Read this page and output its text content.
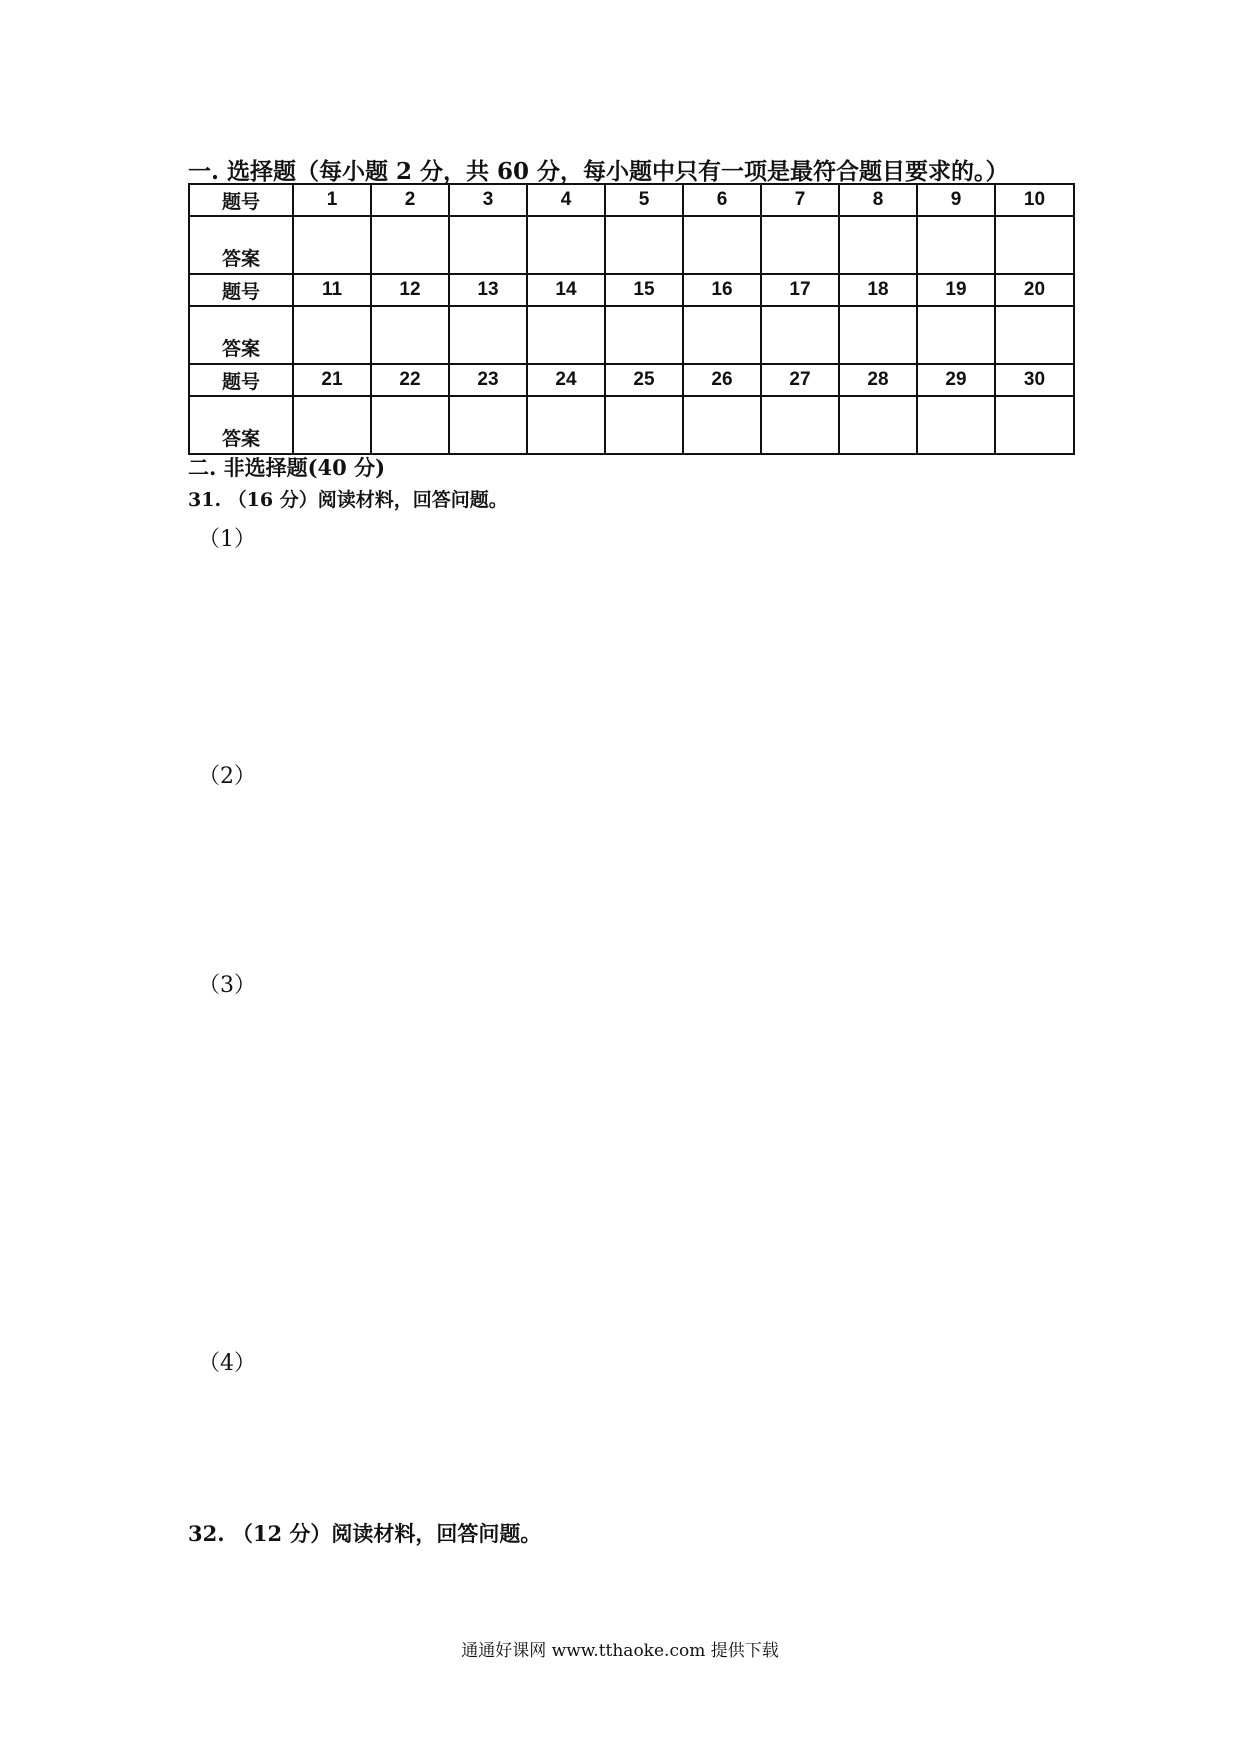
一. 选择题（每小题 2 分，共 60 分，每小题中只有一项是最符合题目要求的。）
题号	1	2	3	4	5	6	7	8	9	10
答案										
题号	11	12	13	14	15	16	17	18	19	20
答案										
题号	21	22	23	24	25	26	27	28	29	30
答案										
二. 非选择题(40 分)
31. （16 分）阅读材料，回答问题。
（1）
（2）
（3）
（4）
32. （12 分）阅读材料，回答问题。
通通好课网 www.tthaoke.com 提供下载
